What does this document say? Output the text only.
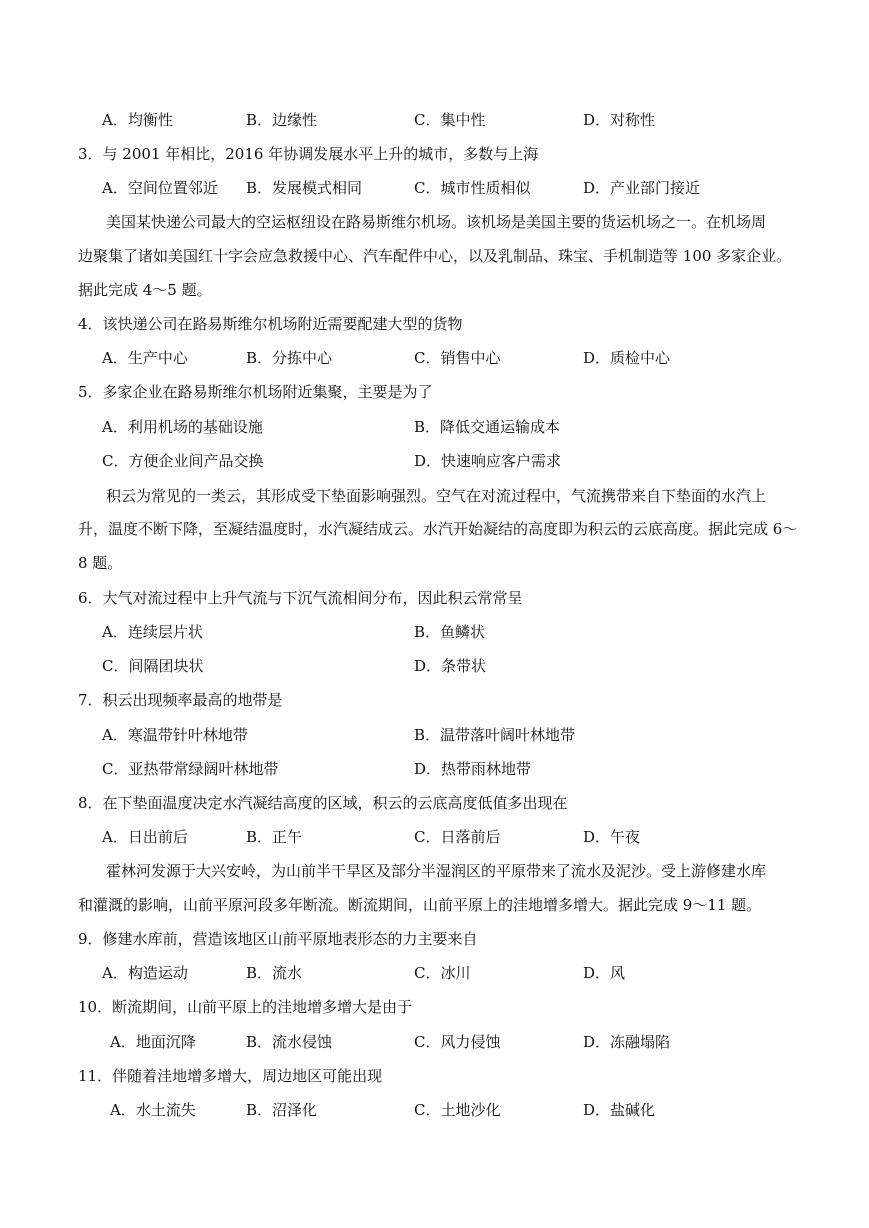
A．均衡性	B．边缘性	C．集中性	D．对称性
3．与 2001 年相比，2016 年协调发展水平上升的城市，多数与上海
A．空间位置邻近 B．发展模式相同	C．城市性质相似	D．产业部门接近
美国某快递公司最大的空运枢纽设在路易斯维尔机场。该机场是美国主要的货运机场之一。在机场周
边聚集了诸如美国红十字会应急救援中心、汽车配件中心，以及乳制品、珠宝、手机制造等 100 多家企业。
据此完成 4～5 题。
4．该快递公司在路易斯维尔机场附近需要配建大型的货物
A．生产中心	B．分拣中心	C．销售中心	D．质检中心
5．多家企业在路易斯维尔机场附近集聚，主要是为了
A．利用机场的基础设施	B．降低交通运输成本
C．方便企业间产品交换	D．快速响应客户需求
积云为常见的一类云，其形成受下垫面影响强烈。空气在对流过程中，气流携带来自下垫面的水汽上
升，温度不断下降，至凝结温度时，水汽凝结成云。水汽开始凝结的高度即为积云的云底高度。据此完成 6～
8 题。
6．大气对流过程中上升气流与下沉气流相间分布，因此积云常常呈
A．连续层片状	B．鱼鳞状
C．间隔团块状	D．条带状
7．积云出现频率最高的地带是
A．寒温带针叶林地带	B．温带落叶阔叶林地带
C．亚热带常绿阔叶林地带	D．热带雨林地带
8．在下垫面温度决定水汽凝结高度的区域，积云的云底高度低值多出现在
A．日出前后	B．正午	C．日落前后	D．午夜
霍林河发源于大兴安岭，为山前半干旱区及部分半湿润区的平原带来了流水及泥沙。受上游修建水库
和灌溉的影响，山前平原河段多年断流。断流期间，山前平原上的洼地增多增大。据此完成 9～11 题。
9．修建水库前，营造该地区山前平原地表形态的力主要来自
A．构造运动	B．流水	C．冰川	D．风
10．断流期间，山前平原上的洼地增多增大是由于
A．地面沉降	B．流水侵蚀	C．风力侵蚀	D．冻融塌陷
11．伴随着洼地增多增大，周边地区可能出现
A．水土流失	B．沼泽化	C．土地沙化	D．盐碱化
